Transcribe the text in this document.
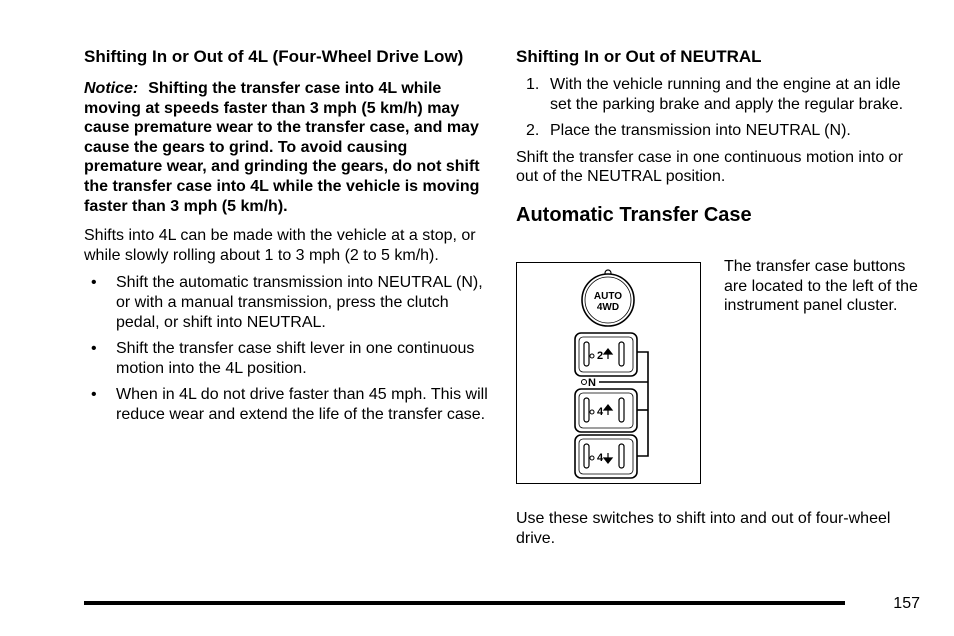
Shifting In or Out of 4L (Four-Wheel Drive Low)
Notice: Shifting the transfer case into 4L while moving at speeds faster than 3 mph (5 km/h) may cause premature wear to the transfer case, and may cause the gears to grind. To avoid causing premature wear, and grinding the gears, do not shift the transfer case into 4L while the vehicle is moving faster than 3 mph (5 km/h).
Shifts into 4L can be made with the vehicle at a stop, or while slowly rolling about 1 to 3 mph (2 to 5 km/h).
• Shift the automatic transmission into NEUTRAL (N), or with a manual transmission, press the clutch pedal, or shift into NEUTRAL.
• Shift the transfer case shift lever in one continuous motion into the 4L position.
• When in 4L do not drive faster than 45 mph. This will reduce wear and extend the life of the transfer case.
Shifting In or Out of NEUTRAL
1. With the vehicle running and the engine at an idle set the parking brake and apply the regular brake.
2. Place the transmission into NEUTRAL (N).
Shift the transfer case in one continuous motion into or out of the NEUTRAL position.
Automatic Transfer Case
AUTO
4WD
2
N
4
4
The transfer case buttons are located to the left of the instrument panel cluster.
Use these switches to shift into and out of four-wheel drive.
157
